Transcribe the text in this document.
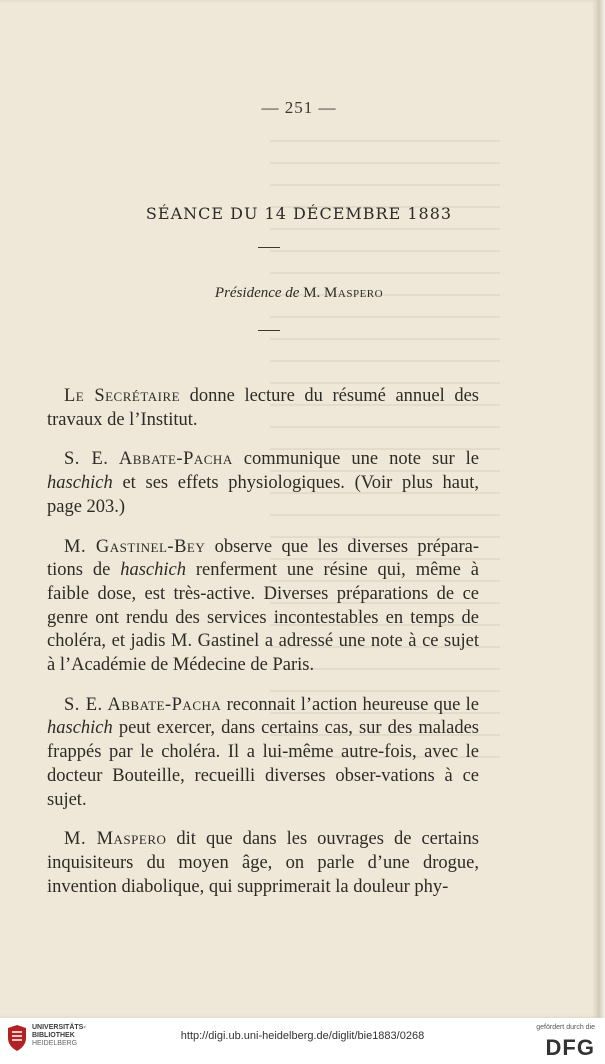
— 251 —
SÉANCE DU 14 DÉCEMBRE 1883
Présidence de M. Maspero

Le Secrétaire donne lecture du résumé annuel des travaux de l’Institut.

S. E. Abbate-Pacha communique une note sur le haschich et ses effets physiologiques. (Voir plus haut, page 203.)

M. Gastinel-Bey observe que les diverses prépara-tions de haschich renferment une résine qui, même à faible dose, est très-active. Diverses préparations de ce genre ont rendu des services incontestables en temps de choléra, et jadis M. Gastinel a adressé une note à ce sujet à l’Académie de Médecine de Paris.

S. E. Abbate-Pacha reconnait l’action heureuse que le haschich peut exercer, dans certains cas, sur des malades frappés par le choléra. Il a lui-même autre-fois, avec le docteur Bouteille, recueilli diverses obser-vations à ce sujet.

M. Maspero dit que dans les ouvrages de certains inquisiteurs du moyen âge, on parle d’une drogue, invention diabolique, qui supprimerait la douleur phy-

UNIVERSITÄTS-
BIBLIOTHEK
HEIDELBERG
http://digi.ub.uni-heidelberg.de/diglit/bie1883/0268
gefördert durch die
DFG
